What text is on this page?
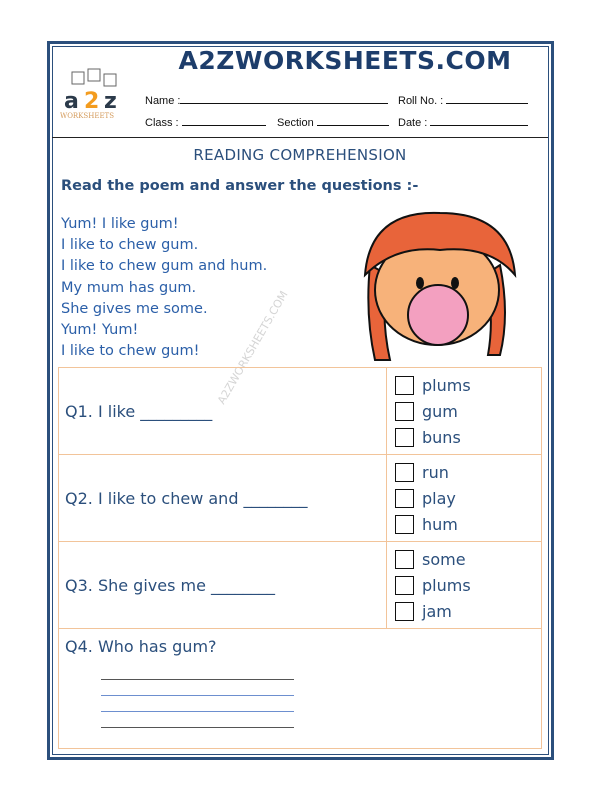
A2ZWORKSHEETS.COM
a 2 z
WORKSHEETS
Name :	Roll No. :
Class :	Section	Date :
READING COMPREHENSION
Read the poem and answer the questions :-
Yum! I like gum!
I like to chew gum.
I like to chew gum and hum.
My mum has gum.
She gives me some.
Yum! Yum!
I like to chew gum!	A2ZWORKSHEETS.COM
Q1. I like _________	plums
gum
buns

Q2. I like to chew and ________	run
play
hum

Q3. She gives me ________	some
plums
jam

Q4. Who has gum?	
